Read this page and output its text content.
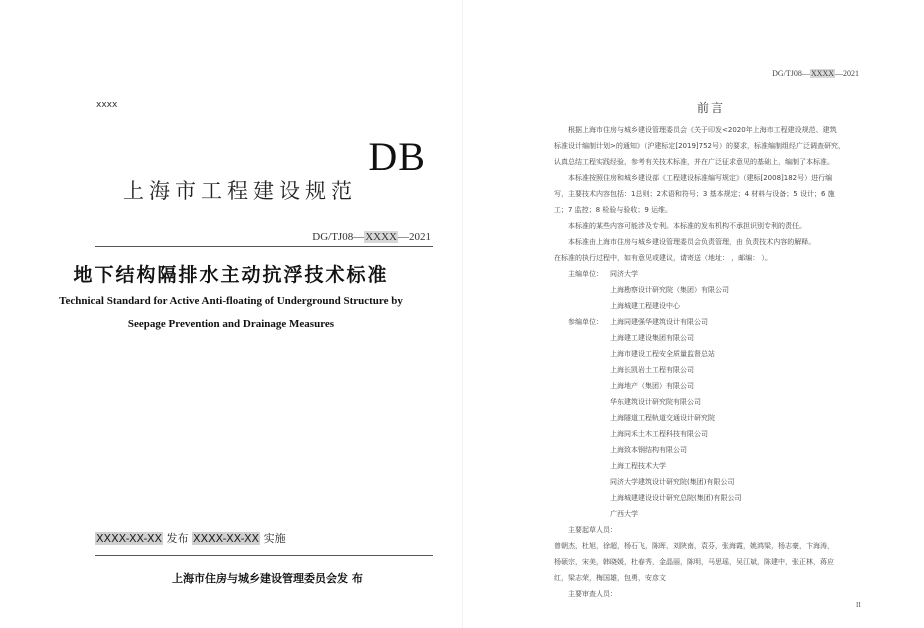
xxxx
DB
上海市工程建设规范
DG/TJ08—XXXX—2021
地下结构隔排水主动抗浮技术标准
Technical Standard for Active Anti-floating of Underground Structure by
Seepage Prevention and Drainage Measures
XXXX-XX-XX 发布 XXXX-XX-XX 实施
上海市住房与城乡建设管理委员会发 布
DG/TJ08—XXXX—2021
前言
根据上海市住房与城乡建设管理委员会《关于印发<2020年上海市工程建设规范、建筑
标准设计编制计划>的通知》（沪建标定[2019]752号）的要求，标准编制组经广泛调查研究，
认真总结工程实践经验，参考有关技术标准，并在广泛征求意见的基础上，编制了本标准。
本标准按照住房和城乡建设部《工程建设标准编写规定》（建标[2008]182号）进行编
写，主要技术内容包括：1总则；2术语和符号；3 基本规定；4 材料与设备；5 设计；6 施
工；7 监控；8 检验与验收；9 运维。
本标准的某些内容可能涉及专利。本标准的发布机构不承担识别专利的责任。
本标准由上海市住房与城乡建设管理委员会负责管理，由 负责技术内容的解释。
在标准的执行过程中，如有意见或建议，请寄送（地址： ，邮编： ）。
主编单位： 同济大学
上海勘察设计研究院（集团）有限公司
上海城建工程建设中心
参编单位： 上海同建强华建筑设计有限公司
上海建工建设集团有限公司
上海市建设工程安全质量监督总站
上海长凯岩土工程有限公司
上海地产（集团）有限公司
华东建筑设计研究院有限公司
上海隧道工程轨道交通设计研究院
上海同禾土木工程科技有限公司
上海致本钢结构有限公司
上海工程技术大学
同济大学建筑设计研究院(集团)有限公司
上海城建建设设计研究总院(集团)有限公司
广西大学
主要起草人员：
曾朝杰，杜旭，徐超，杨石飞，陈晖，刘陕南，袁芬，张海霞，姚鸿梁，杨志豪，卞海涛，
杨硕宗，宋美，韩晓媛，杜春秀，金晶丽，陈明，马思瑶，吴江斌，陈建中，张正林，蒋应
红，梁志荣，梅国雄，包勇，安彦文
主要审查人员：
II
